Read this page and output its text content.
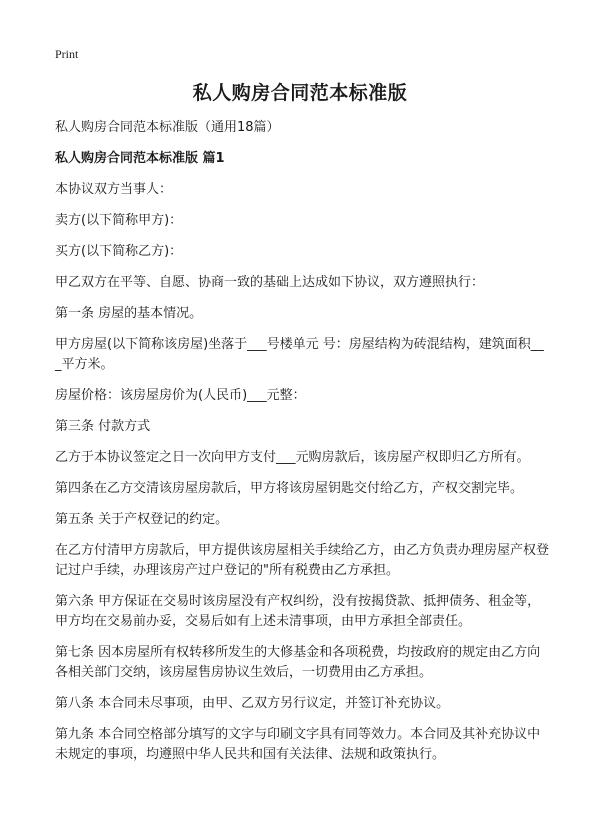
Print
私人购房合同范本标准版

私人购房合同范本标准版（通用18篇）

私人购房合同范本标准版 篇1

本协议双方当事人：

卖方(以下简称甲方)：

买方(以下简称乙方)：

甲乙双方在平等、自愿、协商一致的基础上达成如下协议，双方遵照执行：

第一条 房屋的基本情况。

甲方房屋(以下简称该房屋)坐落于___号楼单元 号：房屋结构为砖混结构，建筑面积___平方米。

房屋价格：该房屋房价为(人民币)___元整：

第三条 付款方式

乙方于本协议签定之日一次向甲方支付___元购房款后，该房屋产权即归乙方所有。

第四条在乙方交清该房屋房款后，甲方将该房屋钥匙交付给乙方，产权交割完毕。

第五条 关于产权登记的约定。

在乙方付清甲方房款后，甲方提供该房屋相关手续给乙方，由乙方负责办理房屋产权登记过户手续，办理该房产过户登记的"所有税费由乙方承担。

第六条 甲方保证在交易时该房屋没有产权纠纷，没有按揭贷款、抵押债务、租金等，甲方均在交易前办妥，交易后如有上述未清事项，由甲方承担全部责任。

第七条 因本房屋所有权转移所发生的大修基金和各项税费，均按政府的规定由乙方向各相关部门交纳，该房屋售房协议生效后，一切费用由乙方承担。

第八条 本合同未尽事项，由甲、乙双方另行议定，并签订补充协议。

第九条 本合同空格部分填写的文字与印刷文字具有同等效力。本合同及其补充协议中未规定的事项，均遵照中华人民共和国有关法律、法规和政策执行。
